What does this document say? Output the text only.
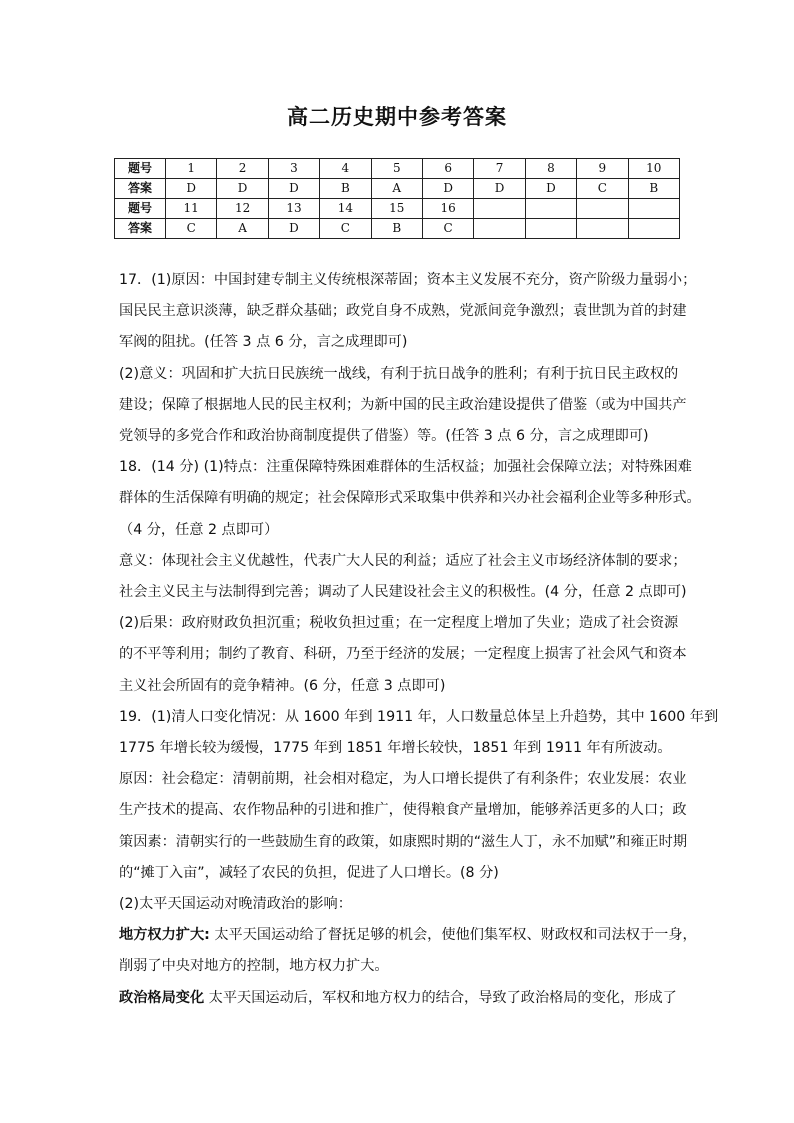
高二历史期中参考答案
题号	1	2	3	4	5	6	7	8	9	10
答案	D	D	D	B	A	D	D	D	C	B
题号	11	12	13	14	15	16				
答案	C	A	D	C	B	C				

17．(1)原因：中国封建专制主义传统根深蒂固；资本主义发展不充分，资产阶级力量弱小；

国民民主意识淡薄，缺乏群众基础；政党自身不成熟，党派间竞争激烈；袁世凯为首的封建

军阀的阻扰。(任答 3 点 6 分，言之成理即可)

(2)意义：巩固和扩大抗日民族统一战线，有利于抗日战争的胜利；有利于抗日民主政权的

建设；保障了根据地人民的民主权利；为新中国的民主政治建设提供了借鉴（或为中国共产

党领导的多党合作和政治协商制度提供了借鉴）等。(任答 3 点 6 分，言之成理即可)

18．(14 分) (1)特点：注重保障特殊困难群体的生活权益；加强社会保障立法；对特殊困难

群体的生活保障有明确的规定；社会保障形式采取集中供养和兴办社会福利企业等多种形式。

（4 分，任意 2 点即可）

意义：体现社会主义优越性，代表广大人民的利益；适应了社会主义市场经济体制的要求；

社会主义民主与法制得到完善；调动了人民建设社会主义的积极性。(4 分，任意 2 点即可)

(2)后果：政府财政负担沉重；税收负担过重；在一定程度上增加了失业；造成了社会资源

的不平等利用；制约了教育、科研，乃至于经济的发展；一定程度上损害了社会风气和资本

主义社会所固有的竞争精神。(6 分，任意 3 点即可)

19．(1)清人口变化情况：从 1600 年到 1911 年，人口数量总体呈上升趋势，其中 1600 年到

1775 年增长较为缓慢，1775 年到 1851 年增长较快，1851 年到 1911 年有所波动。

原因：社会稳定：清朝前期，社会相对稳定，为人口增长提供了有利条件；农业发展：农业

生产技术的提高、农作物品种的引进和推广，使得粮食产量增加，能够养活更多的人口；政

策因素：清朝实行的一些鼓励生育的政策，如康熙时期的“滋生人丁，永不加赋”和雍正时期

的“摊丁入亩”，减轻了农民的负担，促进了人口增长。(8 分)

(2)太平天国运动对晚清政治的影响：

地方权力扩大: 太平天国运动给了督抚足够的机会，使他们集军权、财政权和司法权于一身，

削弱了中央对地方的控制，地方权力扩大。

政治格局变化 太平天国运动后，军权和地方权力的结合，导致了政治格局的变化，形成了
